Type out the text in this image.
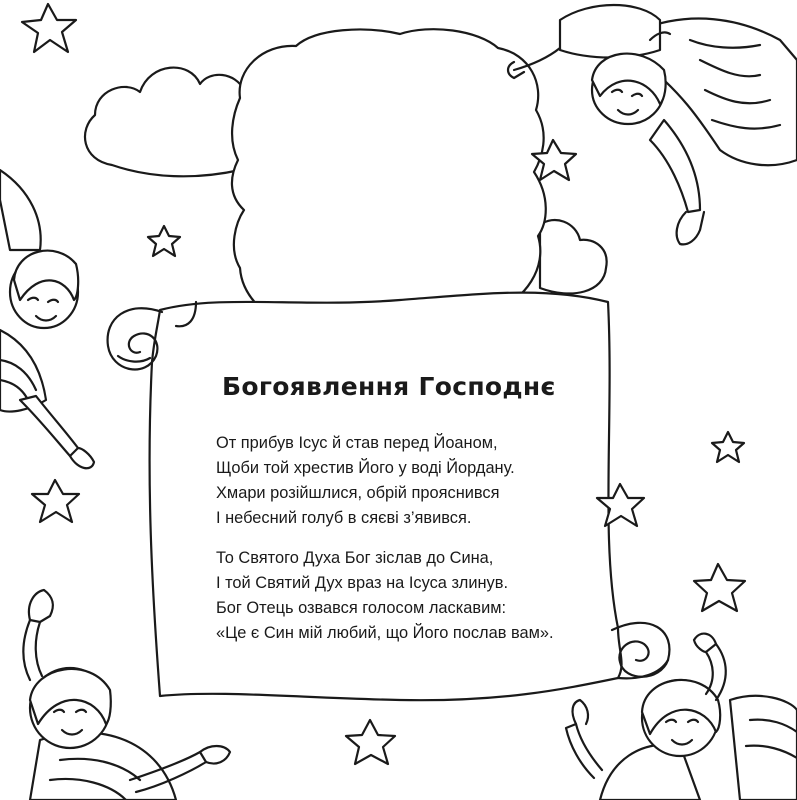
Богоявлення Господнє
От прибув Ісус й став перед Йоаном,
Щоби той хрестив Його у воді Йордану.
Хмари розійшлися, обрій прояснився
І небесний голуб в сяєві з’явився.
То Святого Духа Бог зіслав до Сина,
І той Святий Дух враз на Ісуса злинув.
Бог Отець озвався голосом ласкавим:
«Це є Син мій любий, що Його послав вам».
